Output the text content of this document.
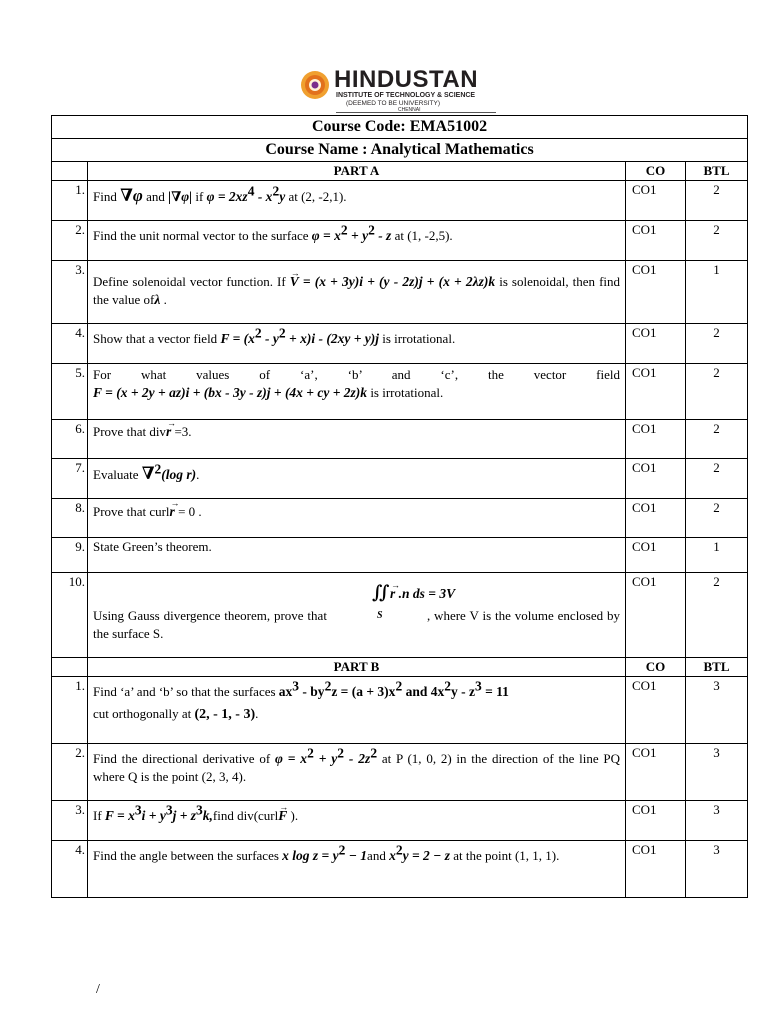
HINDUSTAN
INSTITUTE OF TECHNOLOGY & SCIENCE
(DEEMED TO BE UNIVERSITY)
CHENNAI
Course Code: EMA51002			
Course Name : Analytical Mathematics			
	PART A	CO	BTL
1.	Find ∇φ and |∇φ| if $\varphi = 2xz^4 - x^2y$ at (2, -2,1).	CO1	2
2.	Find the unit normal vector to the surface $\varphi = x^2 + y^2 - z$ at (1, -2,5).	CO1	2
3.	Define solenoidal vector function. If → V = (x + 3y)i + (y - 2z)j + (x + 2λz)k is solenoidal, then find the value ofλ .	CO1	1
4.	Show that a vector field $F = (x^2 - y^2 + x)i - (2xy + y)j$ is irrotational.	CO1	2
5.	For what values of ‘a’, ‘b’ and ‘c’, the vector field
F = (x + 2y + az)i + (bx - 3y - z)j + (4x + cy + 2z)k is irrotational.	CO1	2
6.	Prove that div→ r =3.	CO1	2
7.	Evaluate ∇$^2$(log r).	CO1	2
8.	Prove that curl→ r = 0 .	CO1	2
9.	State Green’s theorem.	CO1	1
10.	∬→ r .n ds = 3V
S
Using Gauss divergence theorem, prove that , where V is the volume enclosed by the surface S.	CO1	2
	PART B	CO	BTL
1.	Find ‘a’ and ‘b’ so that the surfaces $ax^3 - by^2z = (a + 3)x^2$ and $4x^2y - z^3 = 11$
cut orthogonally at (2, - 1, - 3).	CO1	3
2.	Find the directional derivative of $\varphi = x^2 + y^2 - 2z^2$ at P (1, 0, 2) in the direction of the line PQ where Q is the point (2, 3, 4).	CO1	3
3.	If $F = x^3i + y^3j$ + $z^3k,find$ div(curl→ F ).	CO1	3
4.	Find the angle between the surfaces x $\log z = y^2 - 1and$ $x^2y = 2 - z$ at the point (1, 1, 1).	CO1	3
/
